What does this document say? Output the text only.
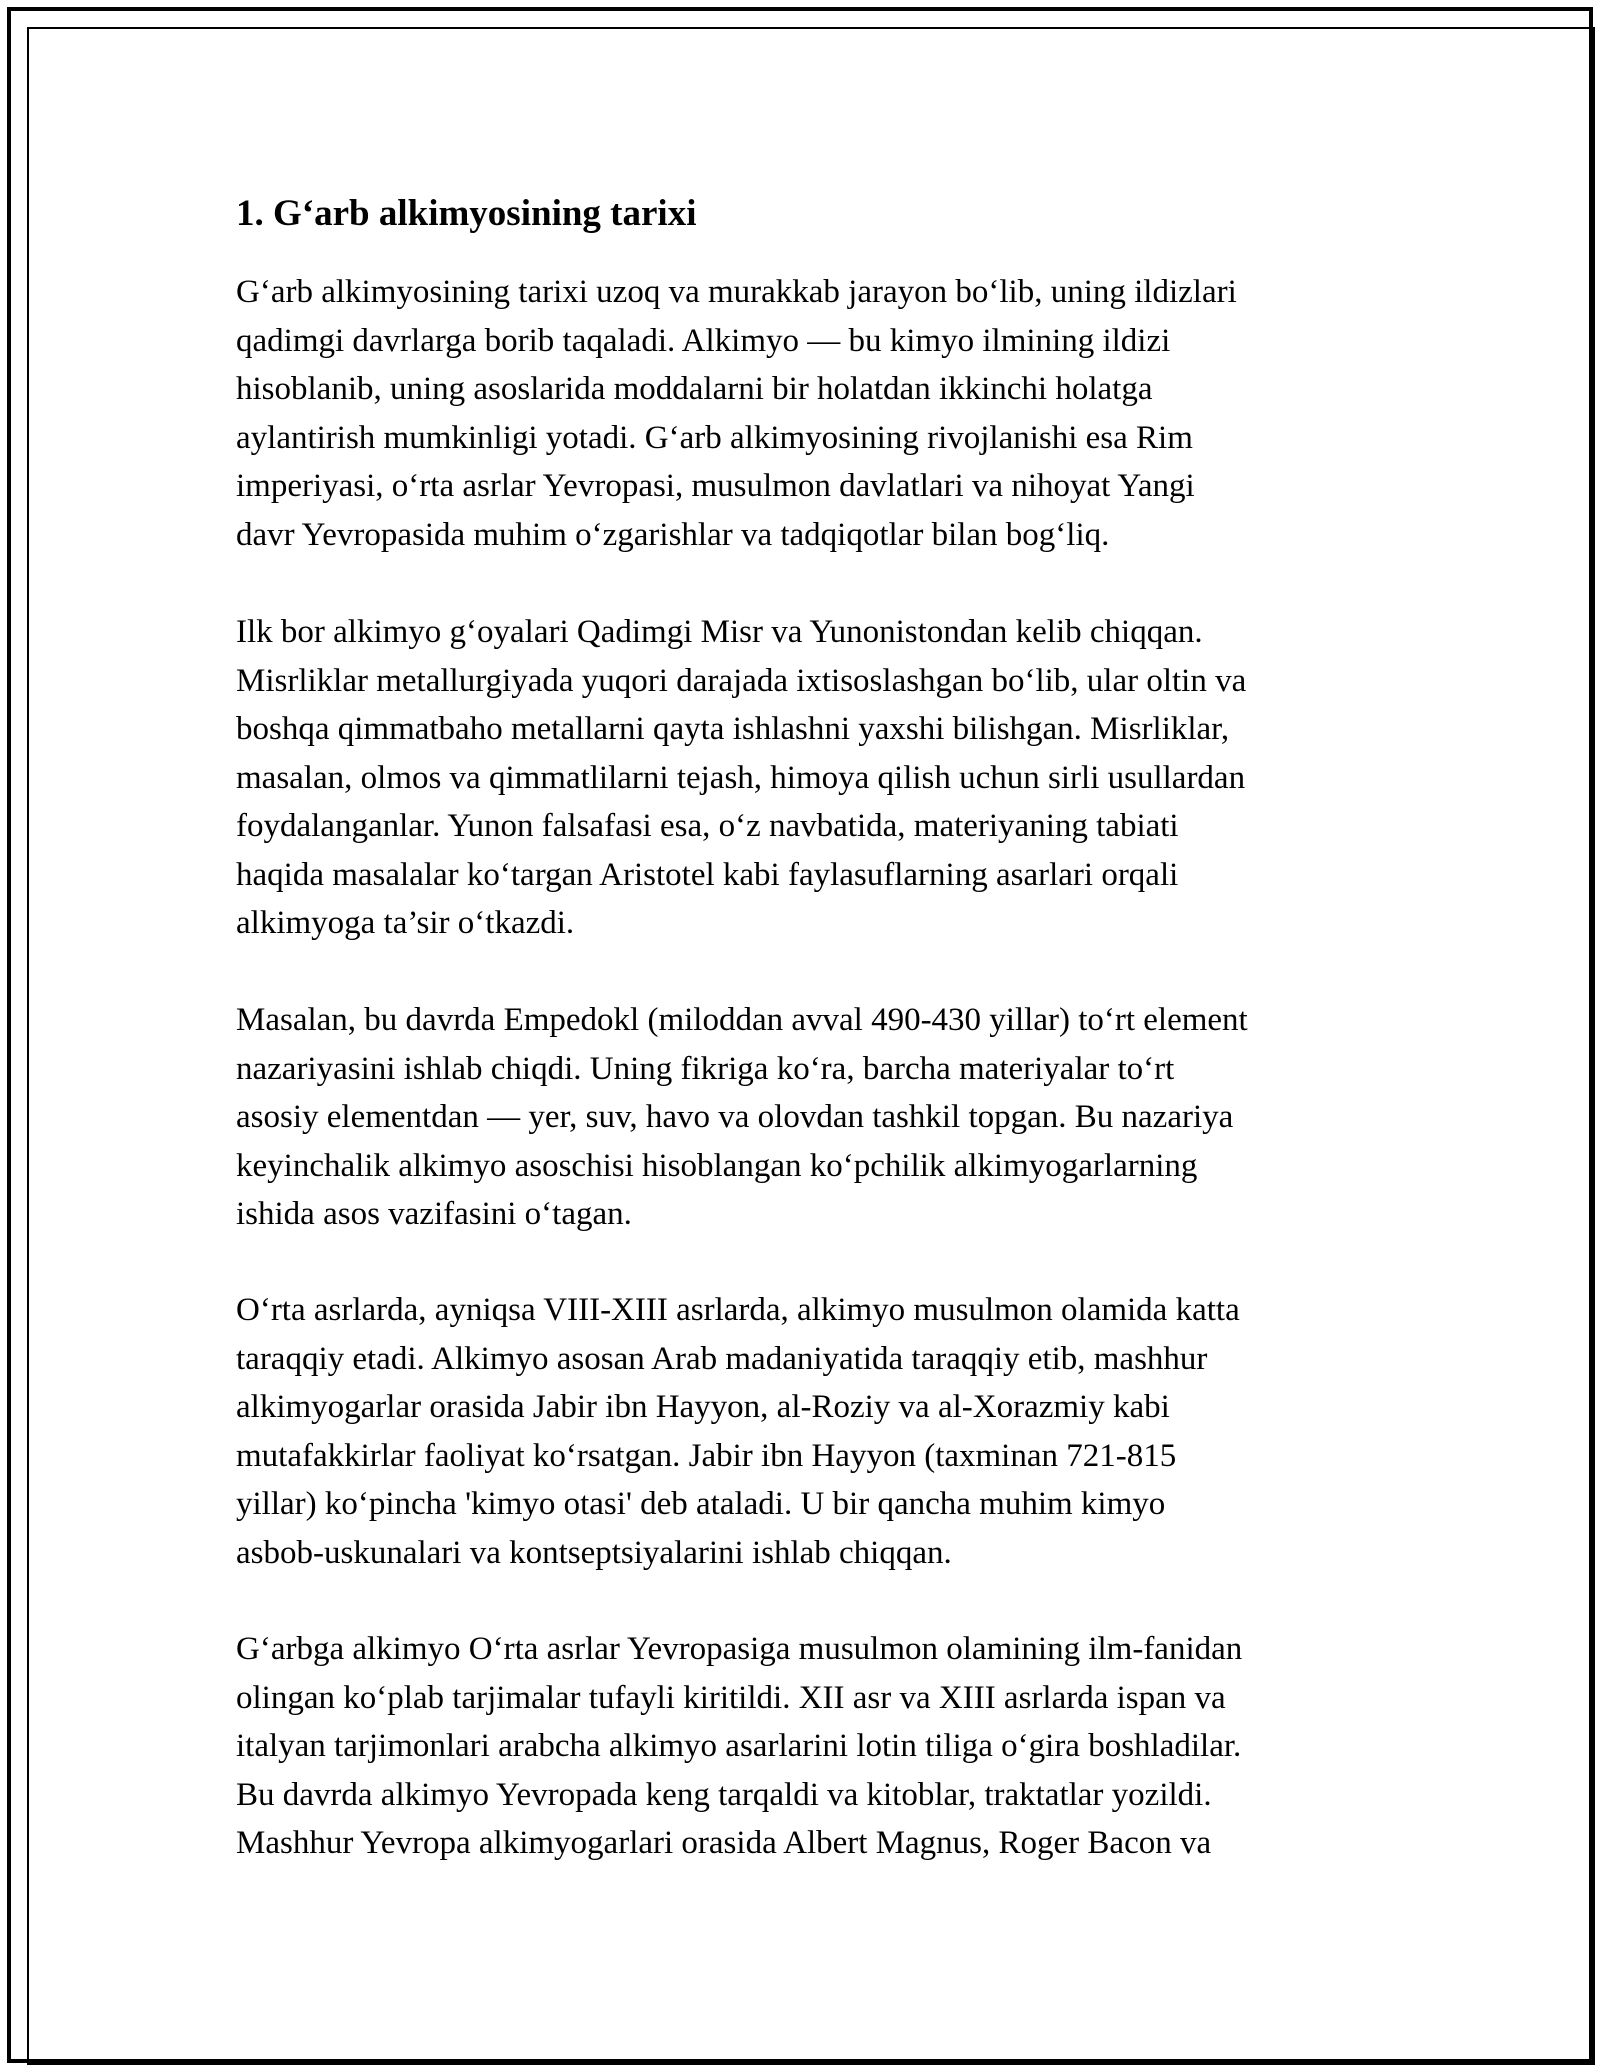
1. G‘arb alkimyosining tarixi

G‘arb alkimyosining tarixi uzoq va murakkab jarayon bo‘lib, uning ildizlari
qadimgi davrlarga borib taqaladi. Alkimyo — bu kimyo ilmining ildizi
hisoblanib, uning asoslarida moddalarni bir holatdan ikkinchi holatga
aylantirish mumkinligi yotadi. G‘arb alkimyosining rivojlanishi esa Rim
imperiyasi, o‘rta asrlar Yevropasi, musulmon davlatlari va nihoyat Yangi
davr Yevropasida muhim o‘zgarishlar va tadqiqotlar bilan bog‘liq.

Ilk bor alkimyo g‘oyalari Qadimgi Misr va Yunonistondan kelib chiqqan.
Misrliklar metallurgiyada yuqori darajada ixtisoslashgan bo‘lib, ular oltin va
boshqa qimmatbaho metallarni qayta ishlashni yaxshi bilishgan. Misrliklar,
masalan, olmos va qimmatlilarni tejash, himoya qilish uchun sirli usullardan
foydalanganlar. Yunon falsafasi esa, o‘z navbatida, materiyaning tabiati
haqida masalalar ko‘targan Aristotel kabi faylasuflarning asarlari orqali
alkimyoga ta’sir o‘tkazdi.

Masalan, bu davrda Empedokl (miloddan avval 490-430 yillar) to‘rt element
nazariyasini ishlab chiqdi. Uning fikriga ko‘ra, barcha materiyalar to‘rt
asosiy elementdan — yer, suv, havo va olovdan tashkil topgan. Bu nazariya
keyinchalik alkimyo asoschisi hisoblangan ko‘pchilik alkimyogarlarning
ishida asos vazifasini o‘tagan.

O‘rta asrlarda, ayniqsa VIII-XIII asrlarda, alkimyo musulmon olamida katta
taraqqiy etadi. Alkimyo asosan Arab madaniyatida taraqqiy etib, mashhur
alkimyogarlar orasida Jabir ibn Hayyon, al-Roziy va al-Xorazmiy kabi
mutafakkirlar faoliyat ko‘rsatgan. Jabir ibn Hayyon (taxminan 721-815
yillar) ko‘pincha 'kimyo otasi' deb ataladi. U bir qancha muhim kimyo
asbob-uskunalari va kontseptsiyalarini ishlab chiqqan.

G‘arbga alkimyo O‘rta asrlar Yevropasiga musulmon olamining ilm-fanidan
olingan ko‘plab tarjimalar tufayli kiritildi. XII asr va XIII asrlarda ispan va
italyan tarjimonlari arabcha alkimyo asarlarini lotin tiliga o‘gira boshladilar.
Bu davrda alkimyo Yevropada keng tarqaldi va kitoblar, traktatlar yozildi.
Mashhur Yevropa alkimyogarlari orasida Albert Magnus, Roger Bacon va
